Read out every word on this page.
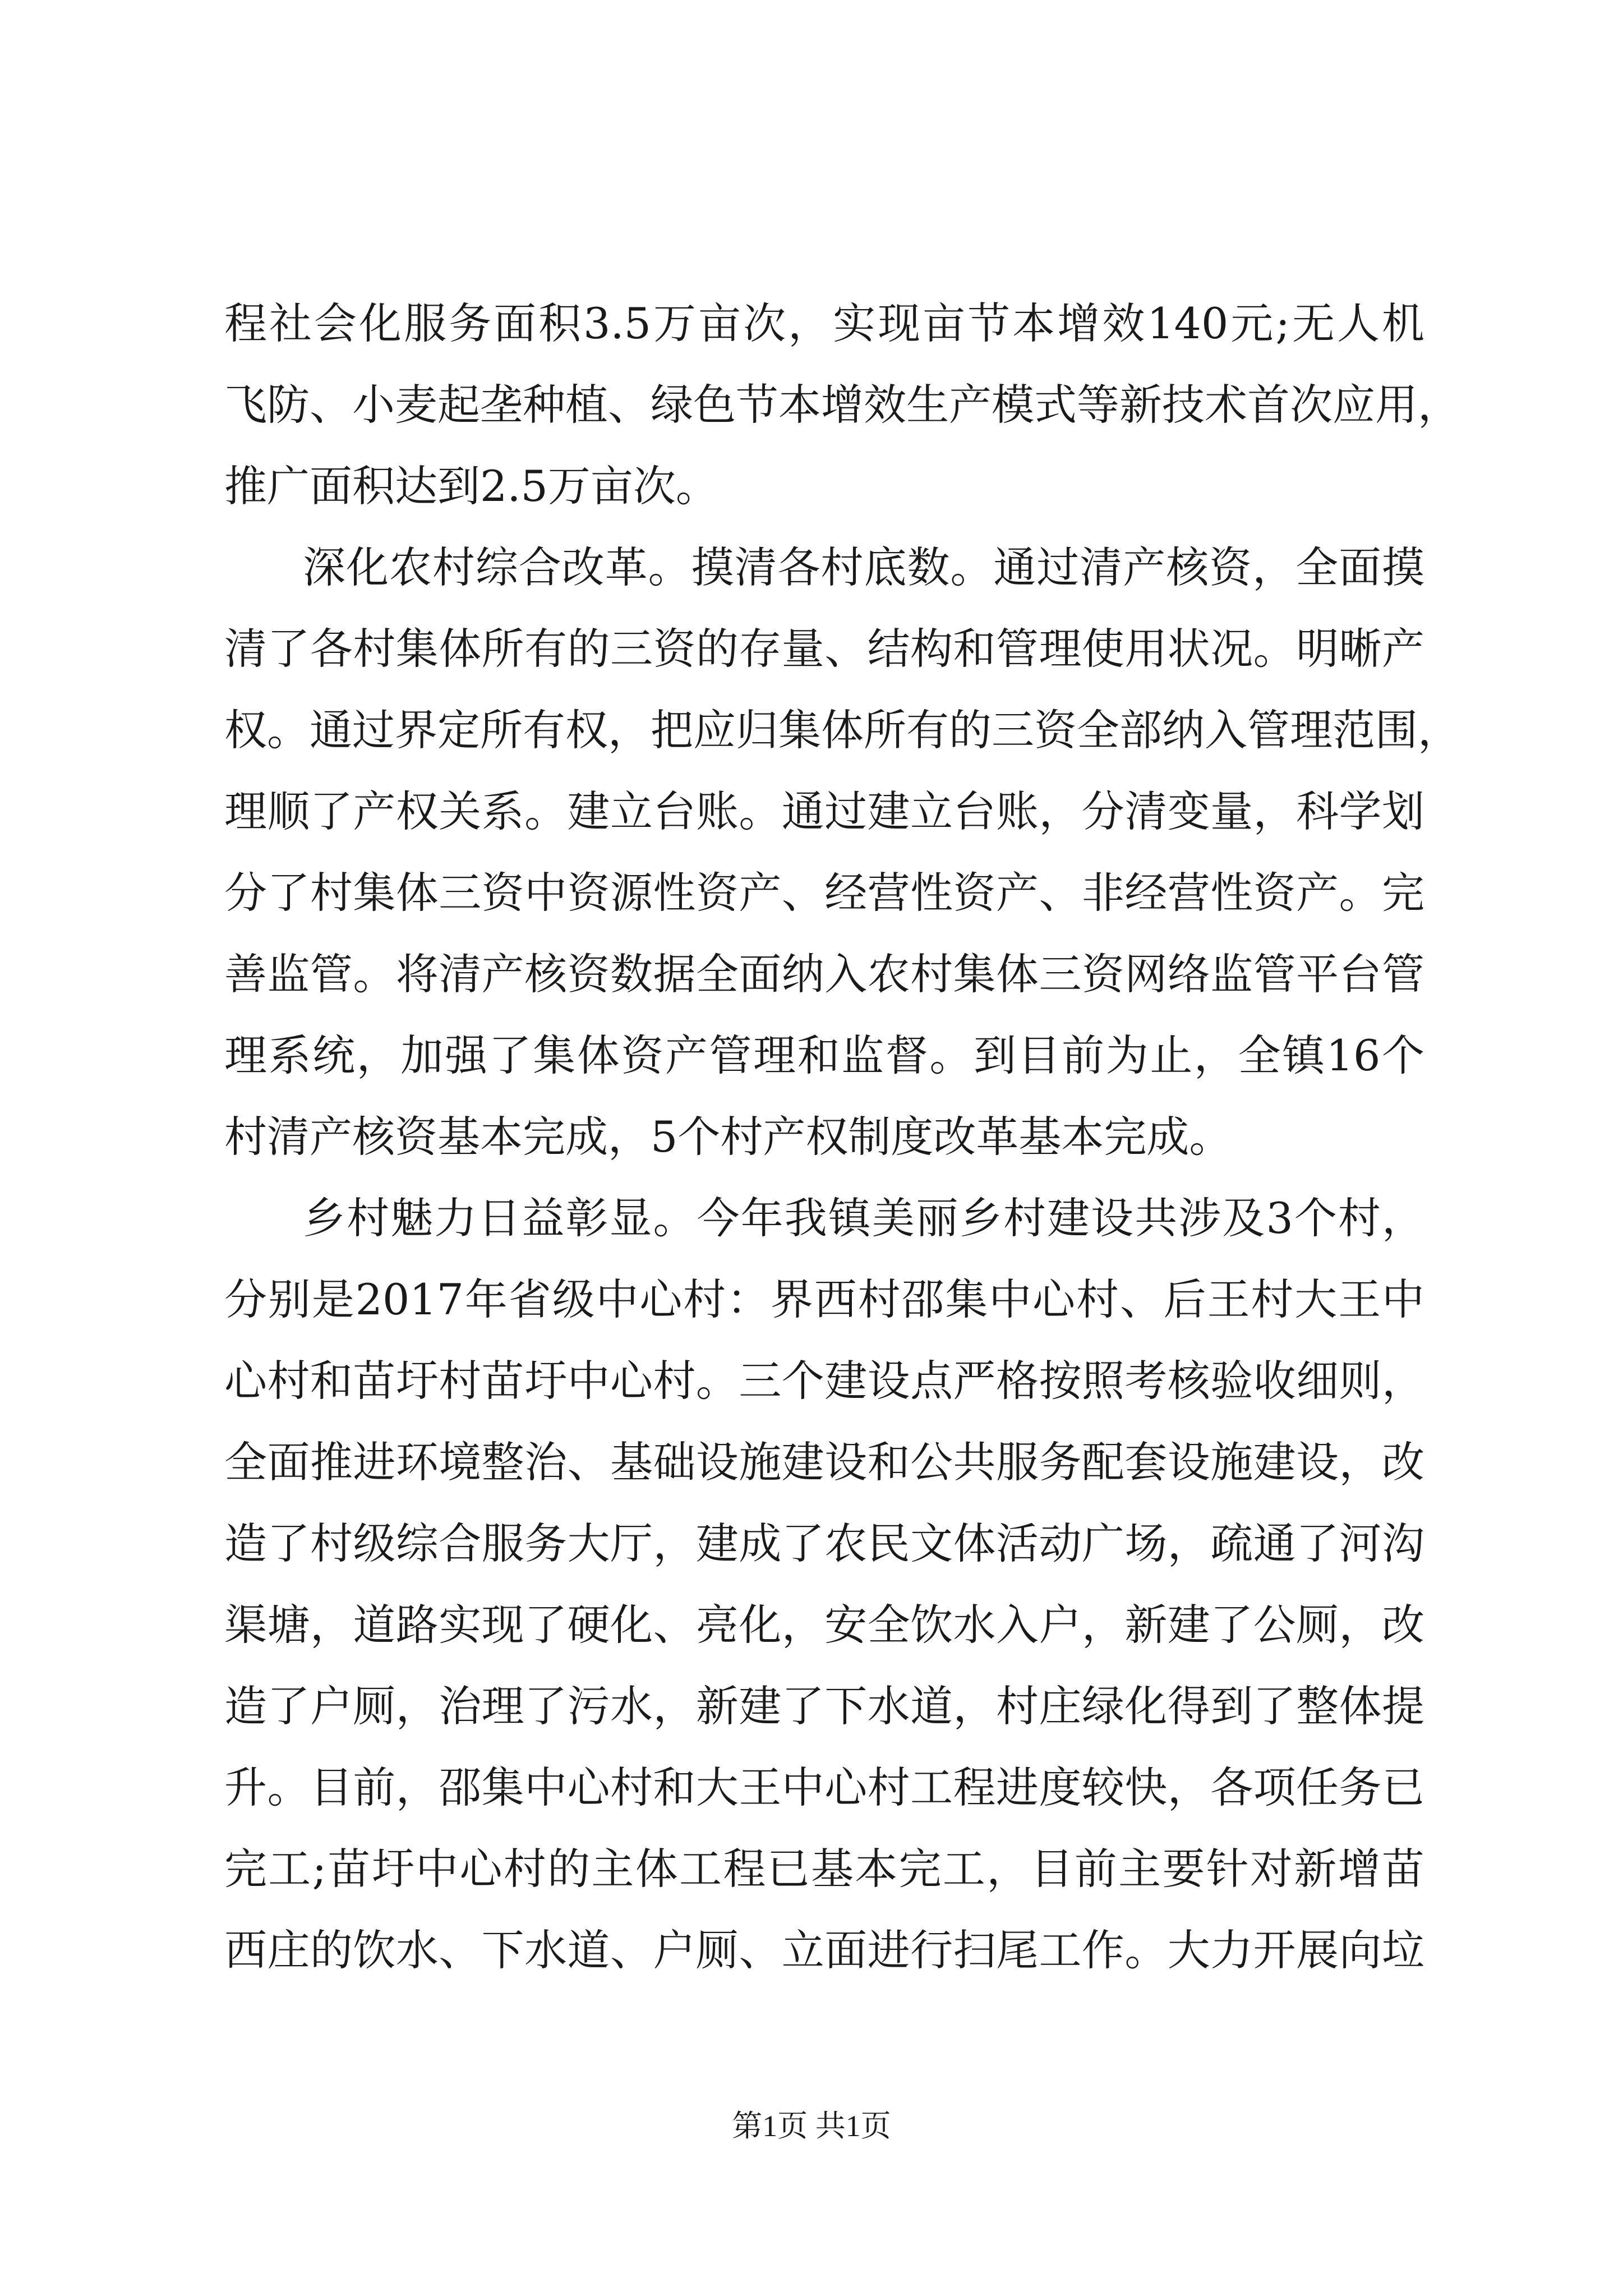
程社会化服务面积3.5万亩次，实现亩节本增效140元;无人机
飞防、小麦起垄种植、绿色节本增效生产模式等新技术首次应用，
推广面积达到2.5万亩次。
深化农村综合改革。摸清各村底数。通过清产核资，全面摸
清了各村集体所有的三资的存量、结构和管理使用状况。明晰产
权。通过界定所有权，把应归集体所有的三资全部纳入管理范围，
理顺了产权关系。建立台账。通过建立台账，分清变量，科学划
分了村集体三资中资源性资产、经营性资产、非经营性资产。完
善监管。将清产核资数据全面纳入农村集体三资网络监管平台管
理系统，加强了集体资产管理和监督。到目前为止，全镇16个
村清产核资基本完成，5个村产权制度改革基本完成。
乡村魅力日益彰显。今年我镇美丽乡村建设共涉及3个村，
分别是2017年省级中心村：界西村邵集中心村、后王村大王中
心村和苗圩村苗圩中心村。三个建设点严格按照考核验收细则，
全面推进环境整治、基础设施建设和公共服务配套设施建设，改
造了村级综合服务大厅，建成了农民文体活动广场，疏通了河沟
渠塘，道路实现了硬化、亮化，安全饮水入户，新建了公厕，改
造了户厕，治理了污水，新建了下水道，村庄绿化得到了整体提
升。目前，邵集中心村和大王中心村工程进度较快，各项任务已
完工;苗圩中心村的主体工程已基本完工，目前主要针对新增苗
西庄的饮水、下水道、户厕、立面进行扫尾工作。大力开展向垃
第1页 共1页
